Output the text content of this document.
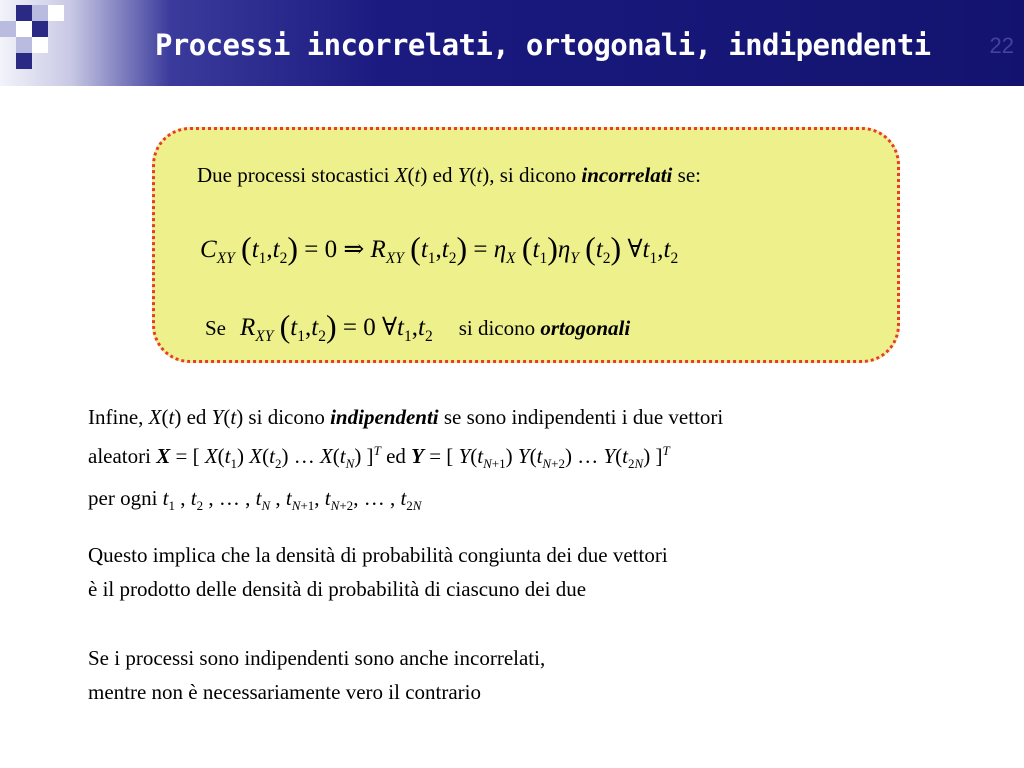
Processi incorrelati, ortogonali, indipendenti	22
Due processi stocastici X(t) ed Y(t), si dicono incorrelati se:
$C_{XY}$ $(t_1,t_2) = 0$ ⇒ $R_{XY}$ $(t_1,t_2) = \eta_X$ $(t_1)\eta_Y$ $(t_2)$ $\forall t_1,t_2$
Se $R_{XY}$ $(t_1,t_2) = 0$ $\forall t_1,t_2$ si dicono ortogonali
Infine, X(t) ed Y(t) si dicono indipendenti se sono indipendenti i due vettori
aleatori X = [ $X(t_1)$ $X(t_2)$ … $X(t_N)$ ]$^T$ ed Y = [ $Y(t_{N+1})$ $Y(t_{N+2})$ … $Y(t_{2N})$ ]$^T$
per ogni $t_1$ , $t_2$ , … , $t_N$ , $t_{N+1}$, $t_{N+2}$, … , $t_{2N}$
Questo implica che la densità di probabilità congiunta dei due vettori
è il prodotto delle densità di probabilità di ciascuno dei due
Se i processi sono indipendenti sono anche incorrelati,
mentre non è necessariamente vero il contrario
